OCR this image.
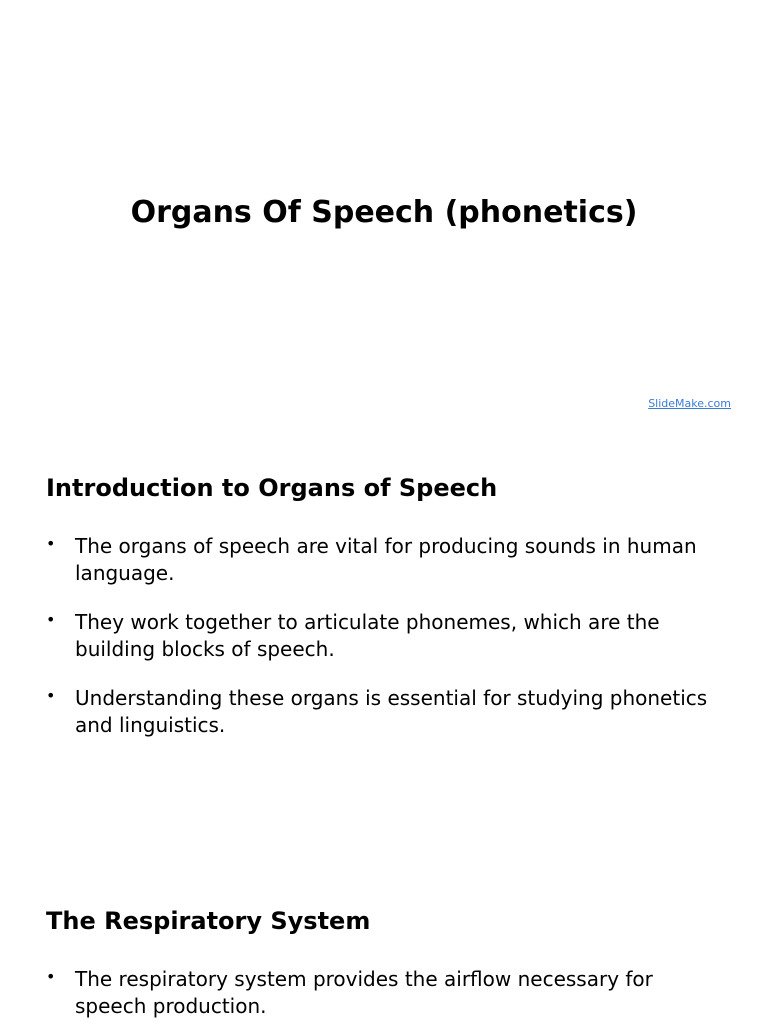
Organs Of Speech (phonetics)
SlideMake.com
Introduction to Organs of Speech
• The organs of speech are vital for producing sounds in human language.
• They work together to articulate phonemes, which are the building blocks of speech.
• Understanding these organs is essential for studying phonetics and linguistics.
The Respiratory System
• The respiratory system provides the airflow necessary for speech production.
